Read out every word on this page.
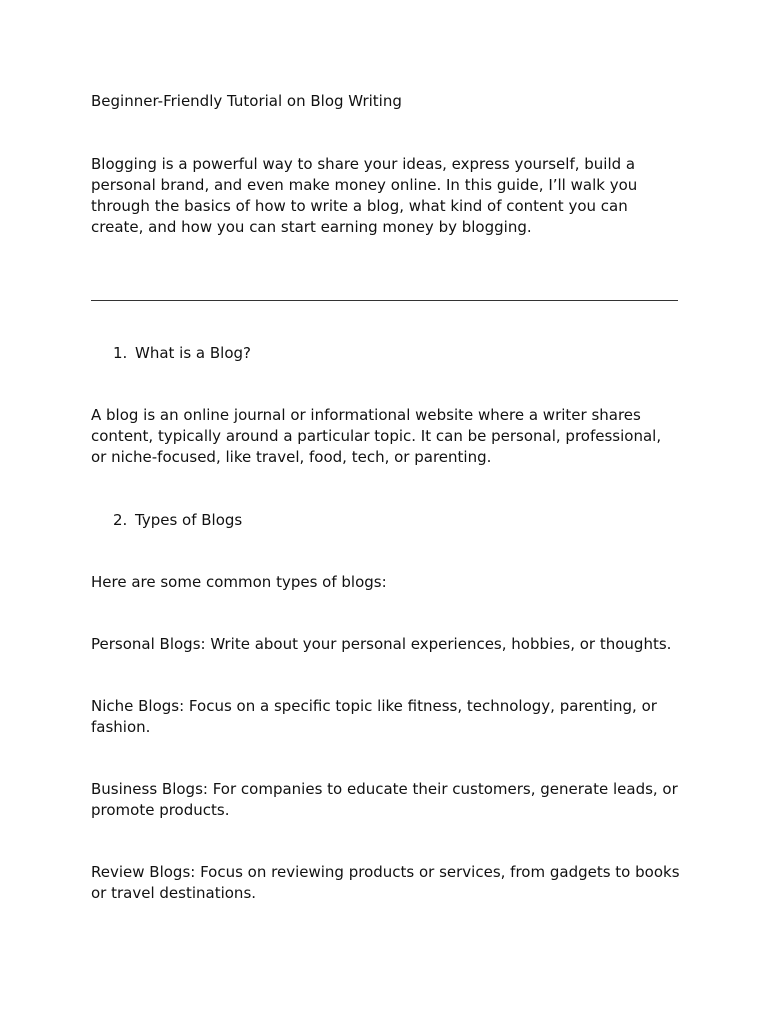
Beginner-Friendly Tutorial on Blog Writing

Blogging is a powerful way to share your ideas, express yourself, build a personal brand, and even make money online. In this guide, I’ll walk you through the basics of how to write a blog, what kind of content you can create, and how you can start earning money by blogging.

1. What is a Blog?

A blog is an online journal or informational website where a writer shares content, typically around a particular topic. It can be personal, professional, or niche-focused, like travel, food, tech, or parenting.

2. Types of Blogs

Here are some common types of blogs:

Personal Blogs: Write about your personal experiences, hobbies, or thoughts.

Niche Blogs: Focus on a specific topic like fitness, technology, parenting, or fashion.

Business Blogs: For companies to educate their customers, generate leads, or promote products.

Review Blogs: Focus on reviewing products or services, from gadgets to books or travel destinations.
